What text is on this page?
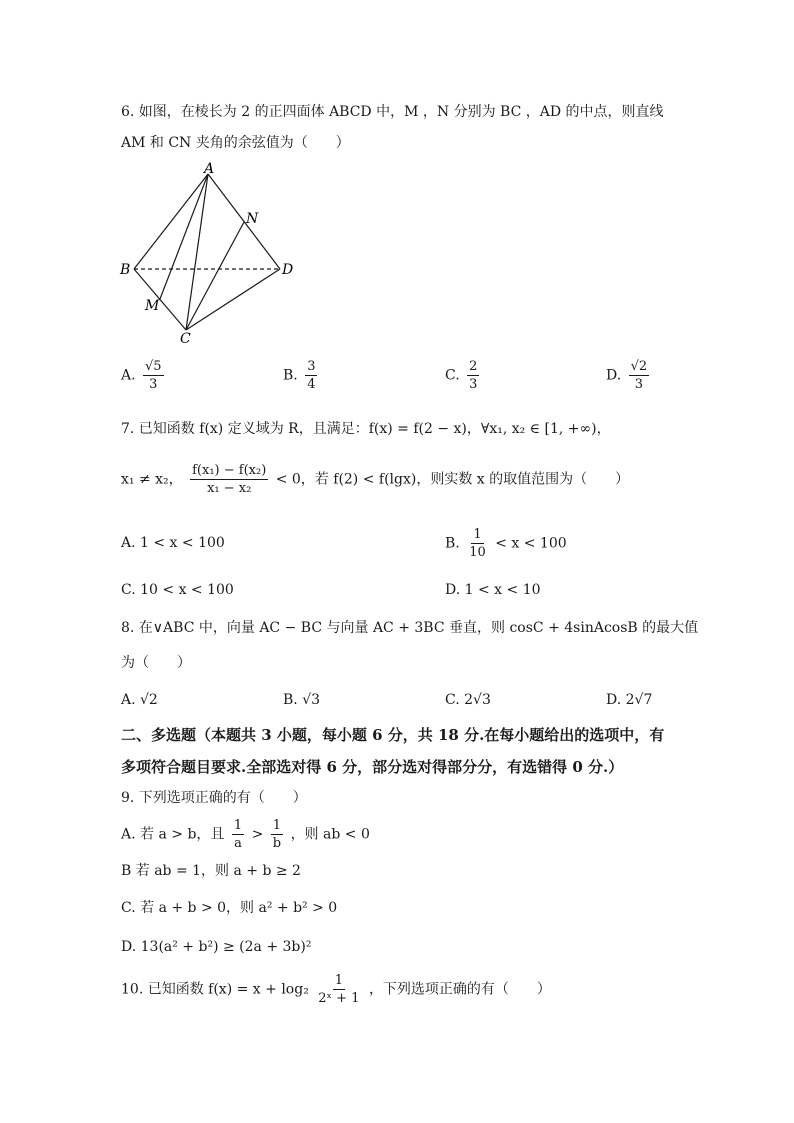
6. 如图，在棱长为 2 的正四面体 ABCD 中，M ，N 分别为 BC ，AD 的中点，则直线
AM 和 CN 夹角的余弦值为（　　）
A
B
C
D
M
N
A. $\frac{√5}{3}$	B. $\frac{3}{4}$	C. $\frac{2}{3}$	D. $\frac{√2}{3}$
7. 已知函数 f(x) 定义域为 R，且满足：f(x) = f(2 − x)，∀x₁, x₂ ∈ [1, +∞)，
x₁ ≠ x₂， $\frac{\text{f(x₁) − f(x₂)}}{\text{x₁ − x₂}} < 0$，若 f(2) < f(lgx)，则实数 x 的取值范围为（　　）
A. 1 < x < 100	B. $\frac{1}{10} < x < 100$
C. 10 < x < 100	D. 1 < x < 10
8. 在∨ABC 中，向量 AC − BC 与向量 AC + 3BC 垂直，则 cosC + 4sinAcosB 的最大值
为（　　）
A. √2	B. √3	C. 2√3	D. 2√7
二、多选题（本题共 3 小题，每小题 6 分，共 18 分.在每小题给出的选项中，有
多项符合题目要求.全部选对得 6 分，部分选对得部分分，有选错得 0 分.）
9. 下列选项正确的有（　　）
A. 若 a > b，且 $\frac{1}{a} > \frac{1}{b}$ ，则 ab < 0
B 若 ab = 1，则 a + b ≥ 2
C. 若 a + b > 0，则 a² + b² > 0
D. 13(a² + b²) ≥ (2a + 3b)²
10. 已知函数 $f(x) = x + \log_2 \frac{1}{\text{2ˣ + 1}}$ ，下列选项正确的有（　　）
